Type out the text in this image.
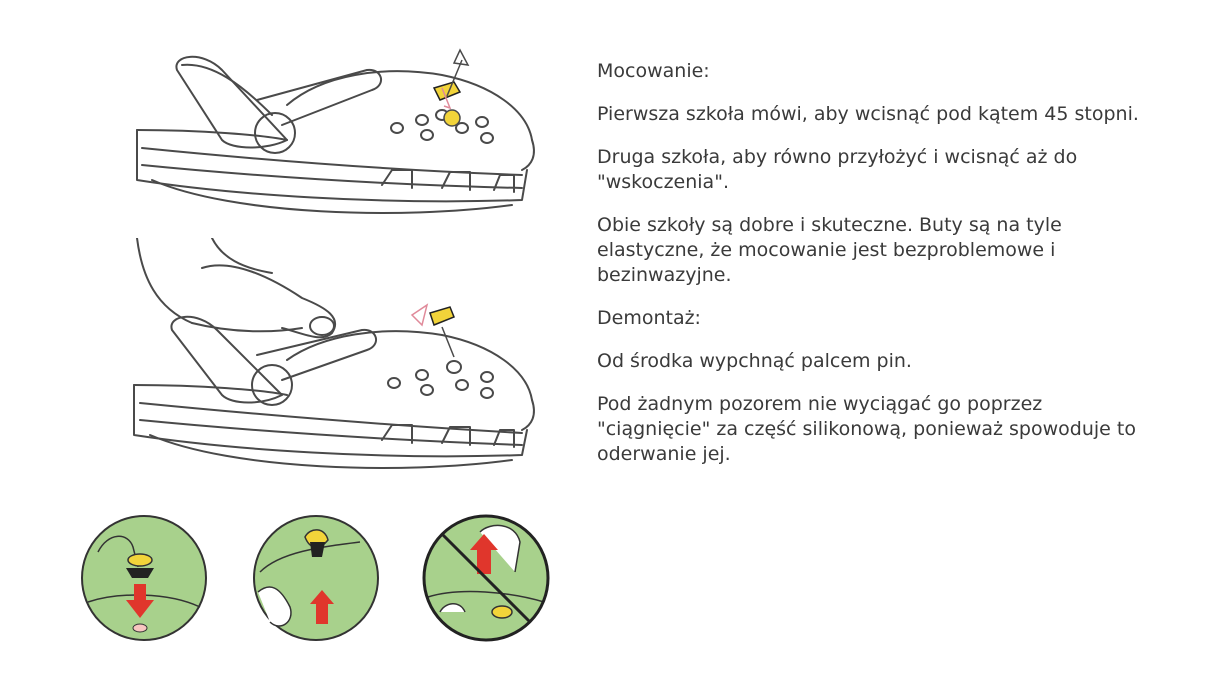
Mocowanie:

Pierwsza szkoła mówi, aby wcisnąć pod kątem 45 stopni.

Druga szkoła, aby równo przyłożyć i wcisnąć aż do "wskoczenia".

Obie szkoły są dobre i skuteczne. Buty są na tyle elastyczne, że mocowanie jest bezproblemowe i bezinwazyjne.

Demontaż:

Od środka wypchnąć palcem pin.

Pod żadnym pozorem nie wyciągać go poprzez "ciągnięcie" za część silikonową, ponieważ spowoduje to oderwanie jej.
